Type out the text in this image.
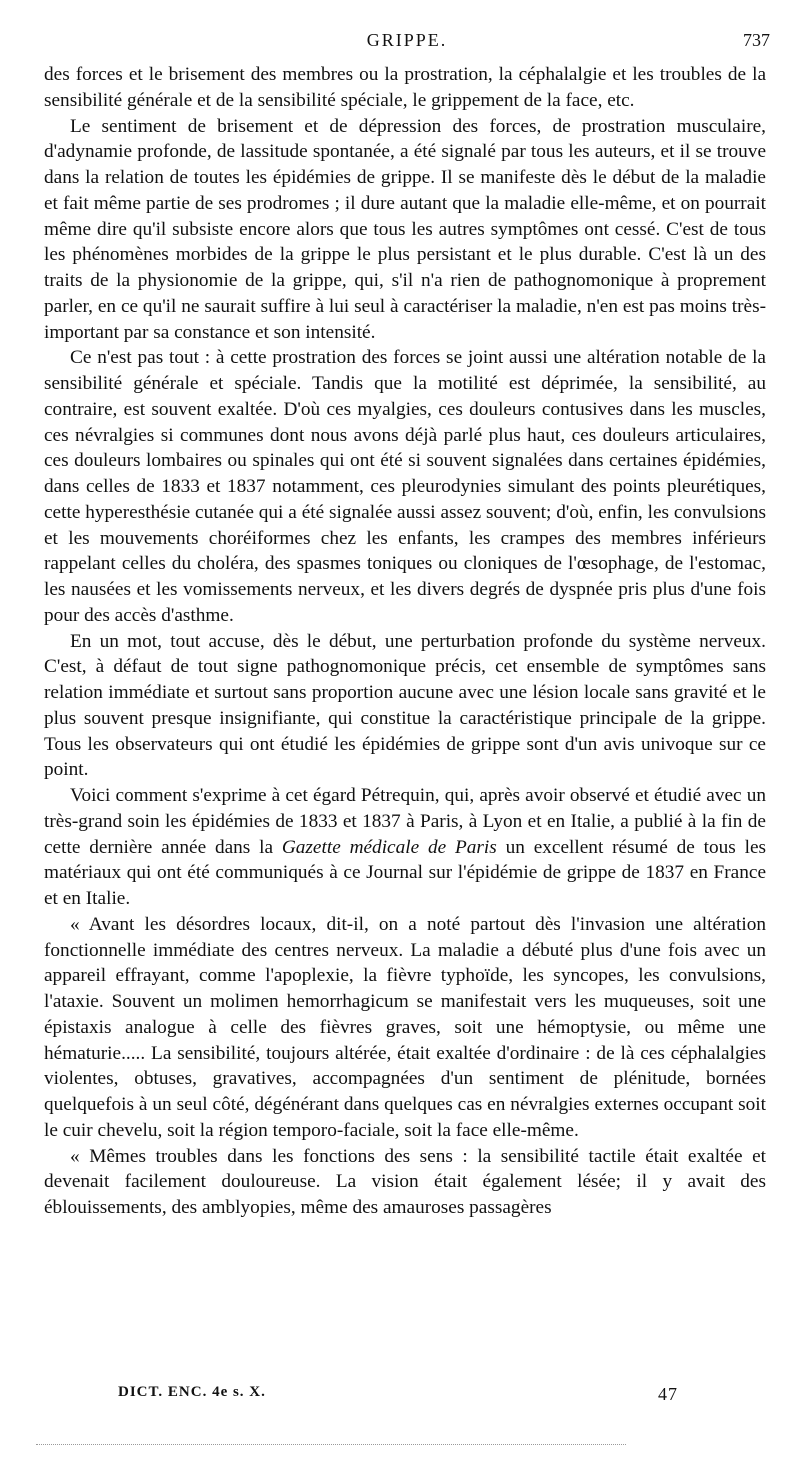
GRIPPE.	737

des forces et le brisement des membres ou la prostration, la céphalalgie et les troubles de la sensibilité générale et de la sensibilité spéciale, le grippement de la face, etc.

Le sentiment de brisement et de dépression des forces, de prostration musculaire, d'adynamie profonde, de lassitude spontanée, a été signalé par tous les auteurs, et il se trouve dans la relation de toutes les épidémies de grippe. Il se manifeste dès le début de la maladie et fait même partie de ses prodromes ; il dure autant que la maladie elle-même, et on pourrait même dire qu'il subsiste encore alors que tous les autres symptômes ont cessé. C'est de tous les phénomènes morbides de la grippe le plus persistant et le plus durable. C'est là un des traits de la physionomie de la grippe, qui, s'il n'a rien de pathognomonique à proprement parler, en ce qu'il ne saurait suffire à lui seul à caractériser la maladie, n'en est pas moins très-important par sa constance et son intensité.

Ce n'est pas tout : à cette prostration des forces se joint aussi une altération notable de la sensibilité générale et spéciale. Tandis que la motilité est déprimée, la sensibilité, au contraire, est souvent exaltée. D'où ces myalgies, ces douleurs contusives dans les muscles, ces névralgies si communes dont nous avons déjà parlé plus haut, ces douleurs articulaires, ces douleurs lombaires ou spinales qui ont été si souvent signalées dans certaines épidémies, dans celles de 1833 et 1837 notamment, ces pleurodynies simulant des points pleurétiques, cette hyperesthésie cutanée qui a été signalée aussi assez souvent; d'où, enfin, les convulsions et les mouvements choréiformes chez les enfants, les crampes des membres inférieurs rappelant celles du choléra, des spasmes toniques ou cloniques de l'œsophage, de l'estomac, les nausées et les vomissements nerveux, et les divers degrés de dyspnée pris plus d'une fois pour des accès d'asthme.

En un mot, tout accuse, dès le début, une perturbation profonde du système nerveux. C'est, à défaut de tout signe pathognomonique précis, cet ensemble de symptômes sans relation immédiate et surtout sans proportion aucune avec une lésion locale sans gravité et le plus souvent presque insignifiante, qui constitue la caractéristique principale de la grippe. Tous les observateurs qui ont étudié les épidémies de grippe sont d'un avis univoque sur ce point.

Voici comment s'exprime à cet égard Pétrequin, qui, après avoir observé et étudié avec un très-grand soin les épidémies de 1833 et 1837 à Paris, à Lyon et en Italie, a publié à la fin de cette dernière année dans la Gazette médicale de Paris un excellent résumé de tous les matériaux qui ont été communiqués à ce Journal sur l'épidémie de grippe de 1837 en France et en Italie.

« Avant les désordres locaux, dit-il, on a noté partout dès l'invasion une altération fonctionnelle immédiate des centres nerveux. La maladie a débuté plus d'une fois avec un appareil effrayant, comme l'apoplexie, la fièvre typhoïde, les syncopes, les convulsions, l'ataxie. Souvent un molimen hemorrhagicum se manifestait vers les muqueuses, soit une épistaxis analogue à celle des fièvres graves, soit une hémoptysie, ou même une hématurie..... La sensibilité, toujours altérée, était exaltée d'ordinaire : de là ces céphalalgies violentes, obtuses, gravatives, accompagnées d'un sentiment de plénitude, bornées quelquefois à un seul côté, dégénérant dans quelques cas en névralgies externes occupant soit le cuir chevelu, soit la région temporo-faciale, soit la face elle-même.

« Mêmes troubles dans les fonctions des sens : la sensibilité tactile était exaltée et devenait facilement douloureuse. La vision était également lésée; il y avait des éblouissements, des amblyopies, même des amauroses passagères

DICT. ENC. 4e s. X.	47
